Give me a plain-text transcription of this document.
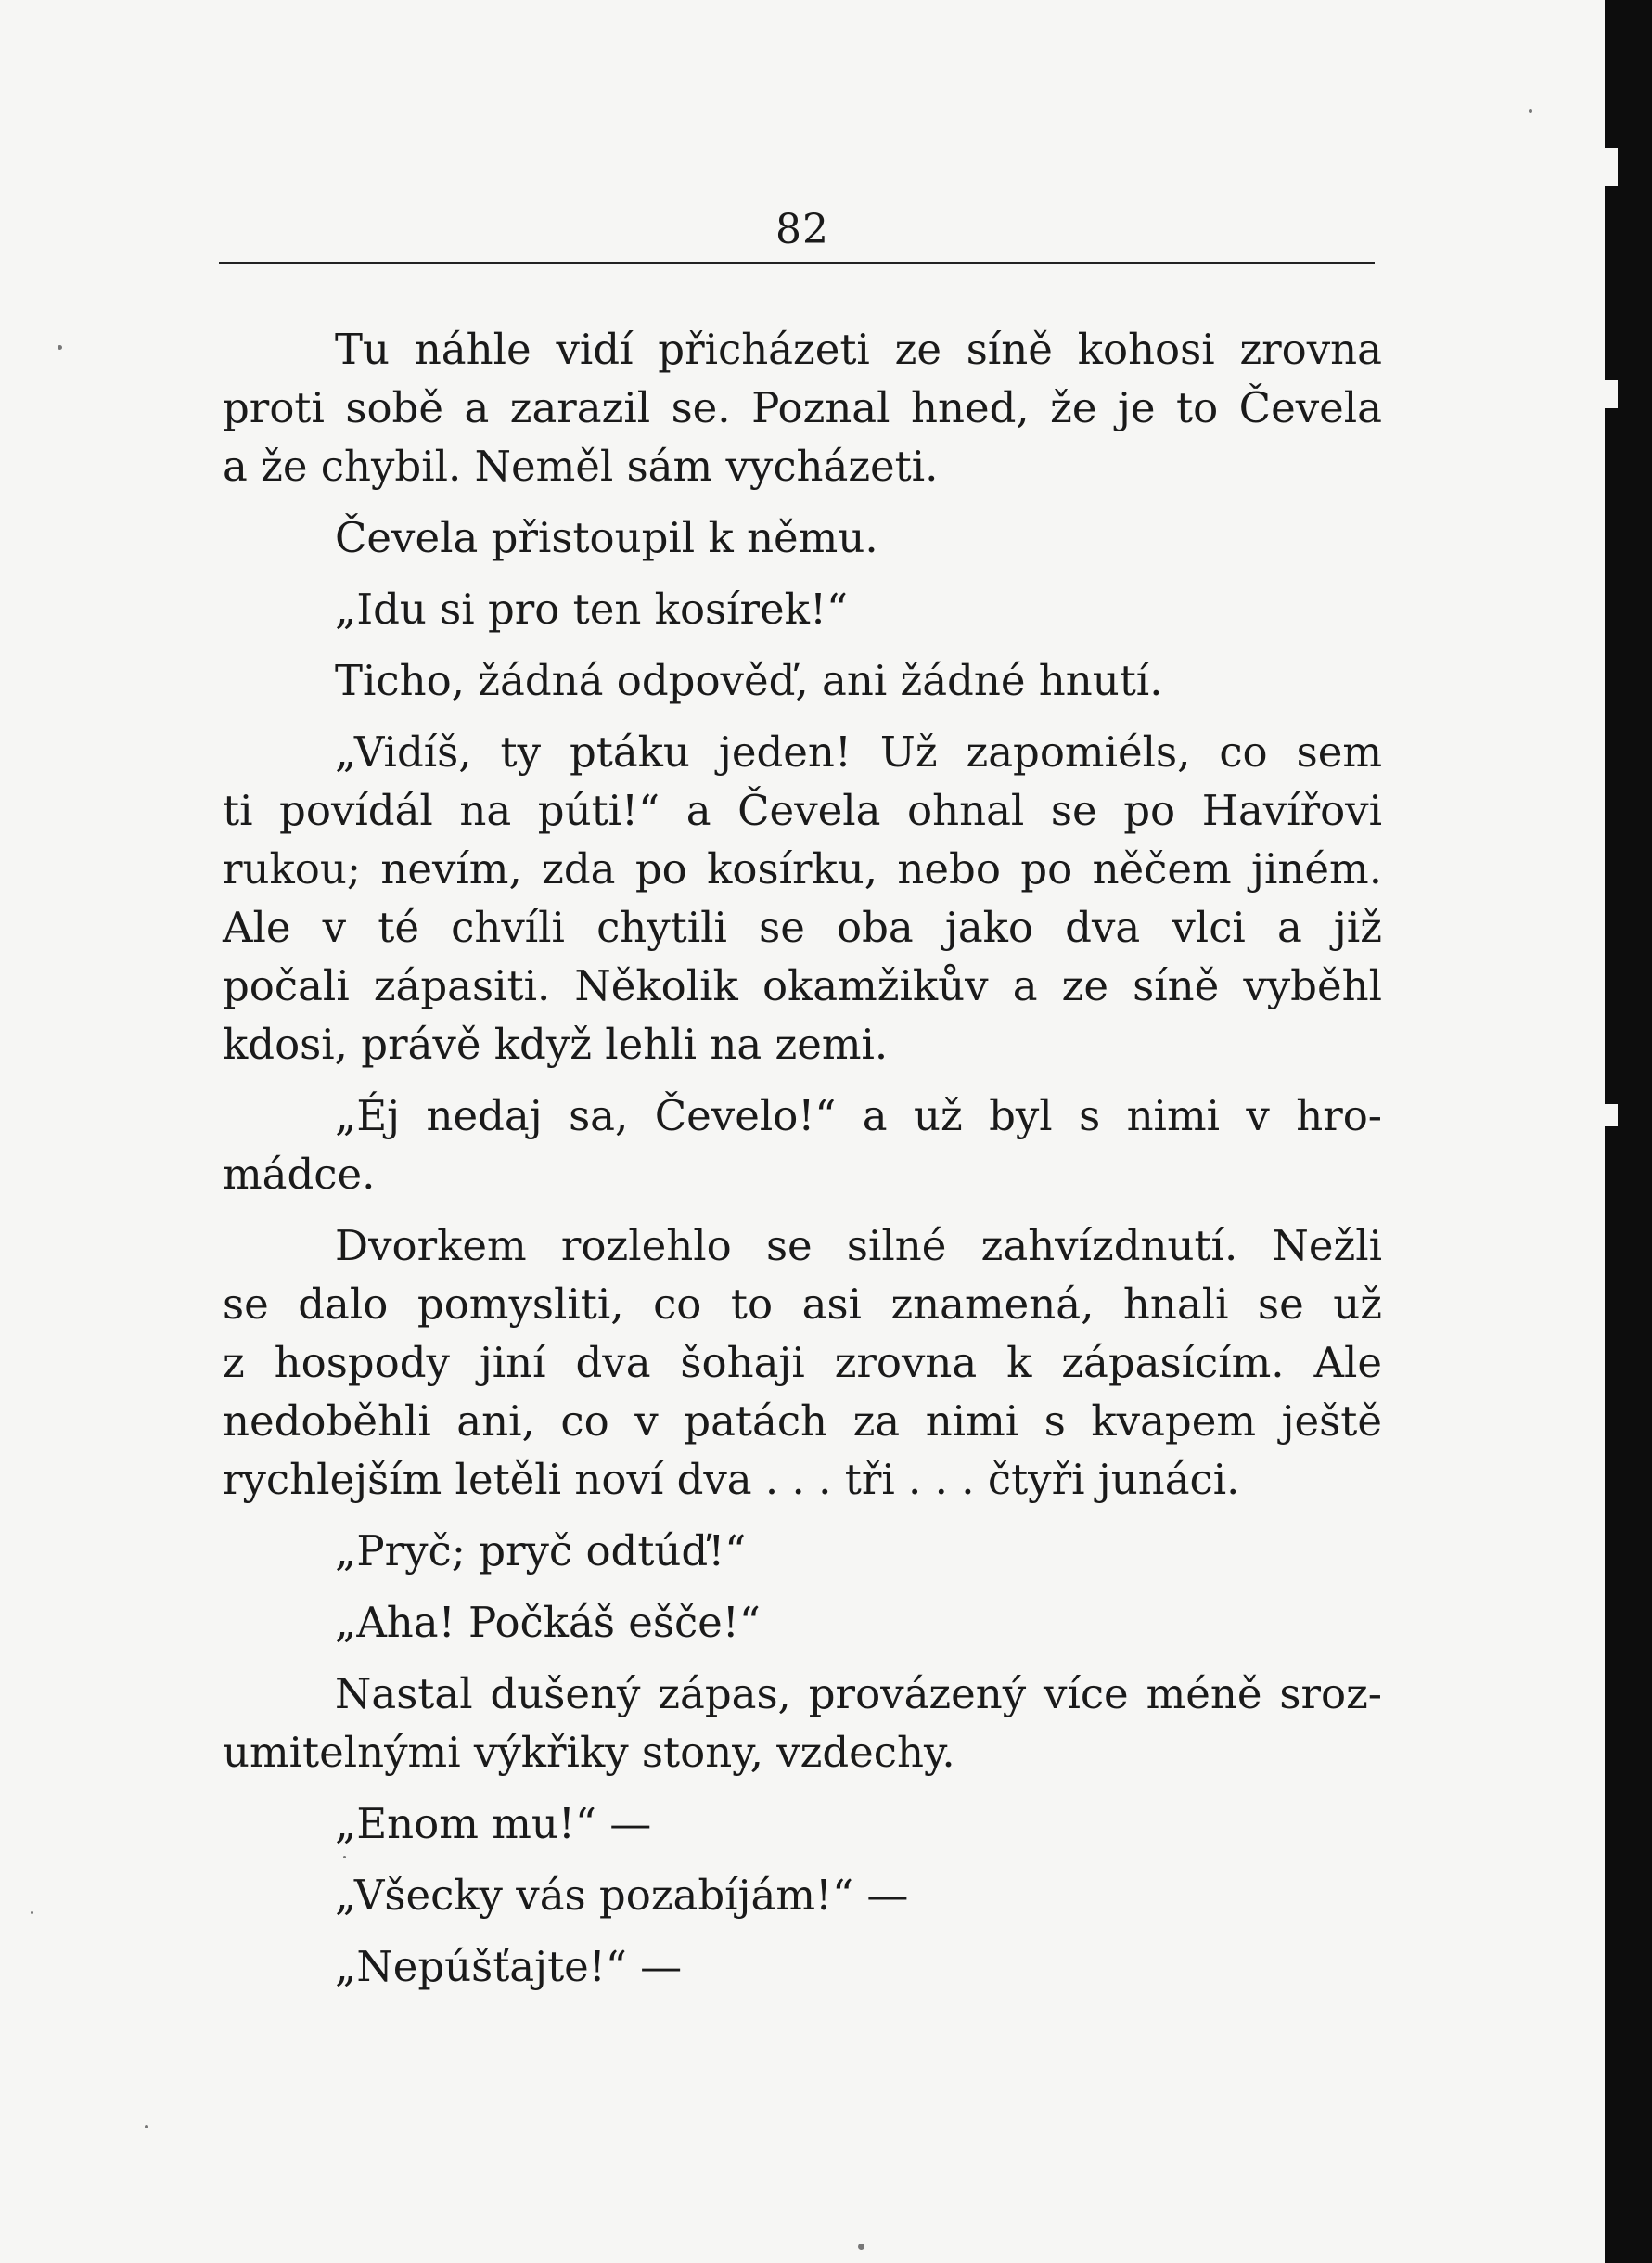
82
Tu náhle vidí přicházeti ze síně kohosi zrovna
proti sobě a zarazil se. Poznal hned, že je to Čevela
a že chybil. Neměl sám vycházeti.
Čevela přistoupil k němu.
„Idu si pro ten kosírek!“
Ticho, žádná odpověď, ani žádné hnutí.
„Vidíš, ty ptáku jeden! Už zapomiéls, co sem
ti povídál na púti!“ a Čevela ohnal se po Havířovi
rukou; nevím, zda po kosírku, nebo po něčem jiném.
Ale v té chvíli chytili se oba jako dva vlci a již
počali zápasiti. Několik okamžikův a ze síně vyběhl
kdosi, právě když lehli na zemi.
„Éj nedaj sa, Čevelo!“ a už byl s nimi v hro-
mádce.
Dvorkem rozlehlo se silné zahvízdnutí. Nežli
se dalo pomysliti, co to asi znamená, hnali se už
z hospody jiní dva šohaji zrovna k zápasícím. Ale
nedoběhli ani, co v patách za nimi s kvapem ještě
rychlejším letěli noví dva . . . tři . . . čtyři junáci.
„Pryč; pryč odtúď!“
„Aha! Počkáš ešče!“
Nastal dušený zápas, provázený více méně sroz-
umitelnými výkřiky stony, vzdechy.
„Enom mu!“ —
„Všecky vás pozabíjám!“ —
„Nepúšťajte!“ —
